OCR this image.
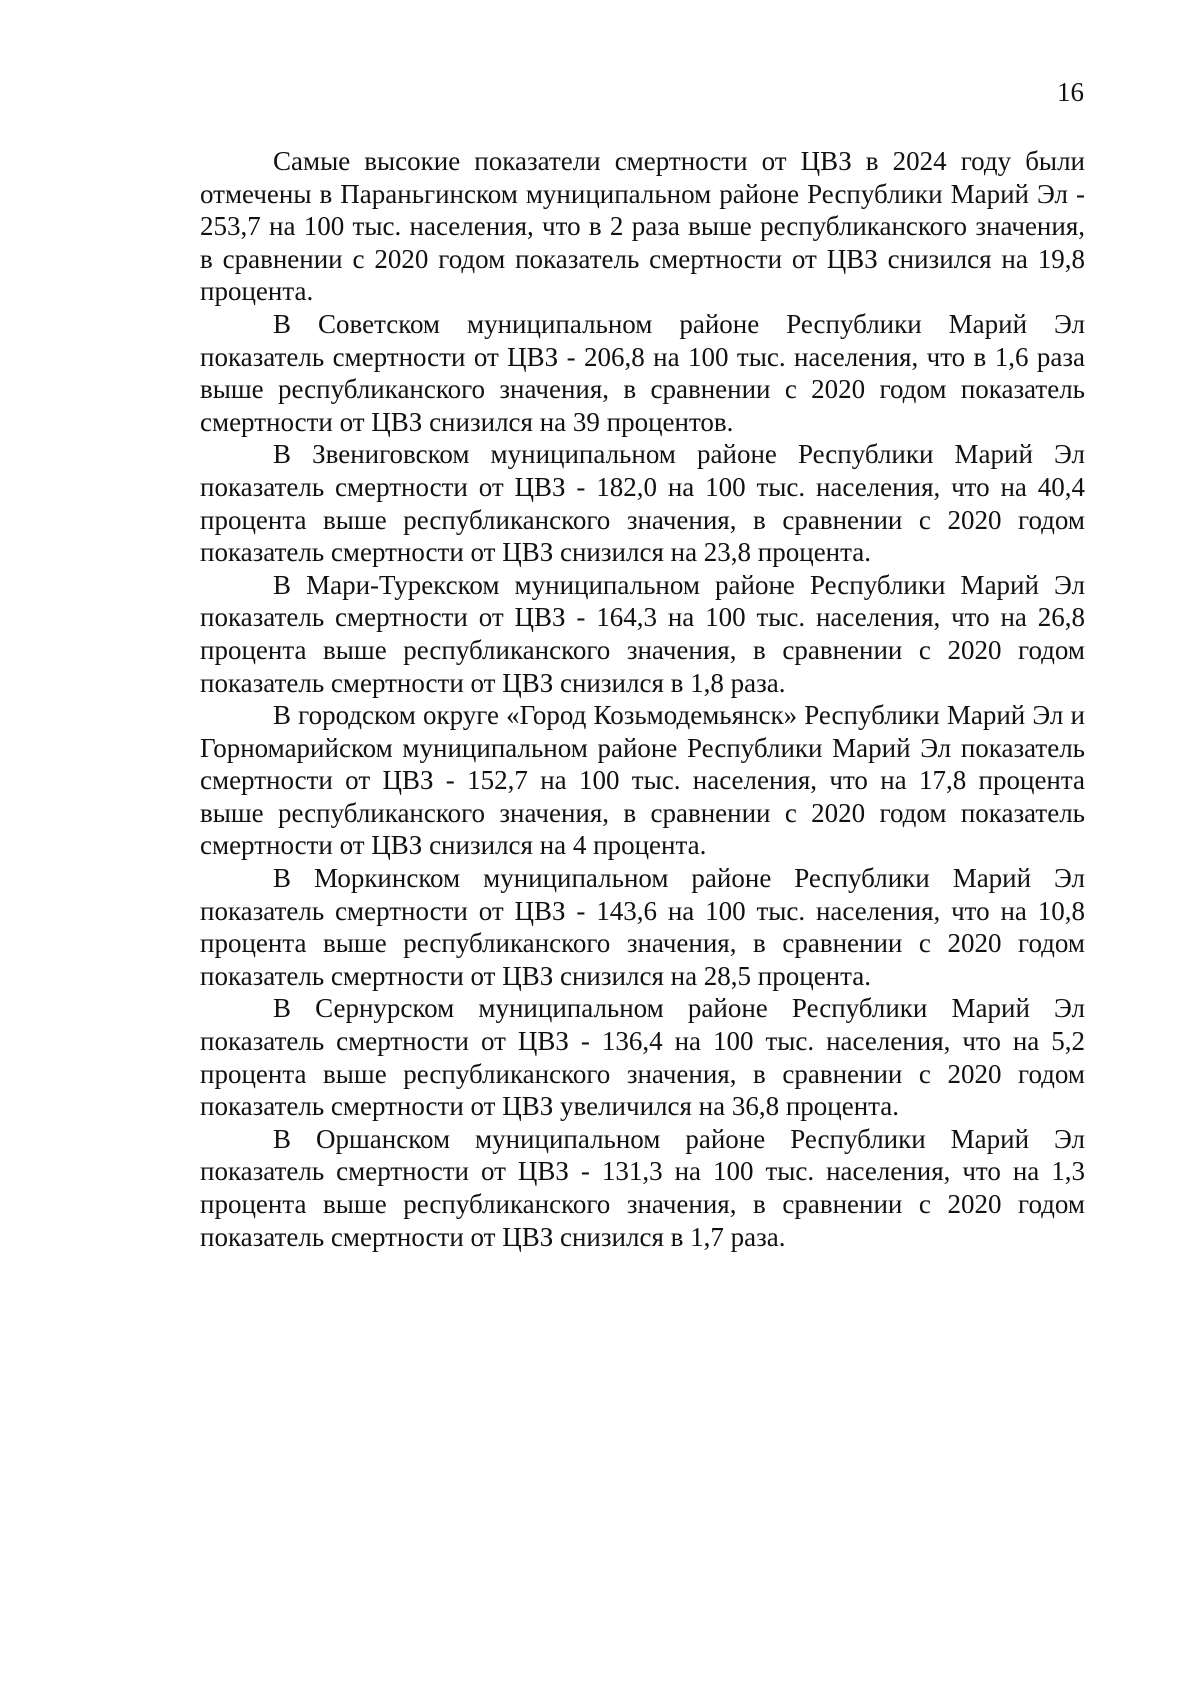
16

Самые высокие показатели смертности от ЦВЗ в 2024 году были отмечены в Параньгинском муниципальном районе Республики Марий Эл - 253,7 на 100 тыс. населения, что в 2 раза выше республиканского значения, в сравнении с 2020 годом показатель смертности от ЦВЗ снизился на 19,8 процента.

В Советском муниципальном районе Республики Марий Эл показатель смертности от ЦВЗ - 206,8 на 100 тыс. населения, что в 1,6 раза выше республиканского значения, в сравнении с 2020 годом показатель смертности от ЦВЗ снизился на 39 процентов.

В Звениговском муниципальном районе Республики Марий Эл показатель смертности от ЦВЗ - 182,0 на 100 тыс. населения, что на 40,4 процента выше республиканского значения, в сравнении с 2020 годом показатель смертности от ЦВЗ снизился на 23,8 процента.

В Мари-Турекском муниципальном районе Республики Марий Эл показатель смертности от ЦВЗ - 164,3 на 100 тыс. населения, что на 26,8 процента выше республиканского значения, в сравнении с 2020 годом показатель смертности от ЦВЗ снизился в 1,8 раза.

В городском округе «Город Козьмодемьянск» Республики Марий Эл и Горномарийском муниципальном районе Республики Марий Эл показатель смертности от ЦВЗ - 152,7 на 100 тыс. населения, что на 17,8 процента выше республиканского значения, в сравнении с 2020 годом показатель смертности от ЦВЗ снизился на 4 процента.

В Моркинском муниципальном районе Республики Марий Эл показатель смертности от ЦВЗ - 143,6 на 100 тыс. населения, что на 10,8 процента выше республиканского значения, в сравнении с 2020 годом показатель смертности от ЦВЗ снизился на 28,5 процента.

В Сернурском муниципальном районе Республики Марий Эл показатель смертности от ЦВЗ - 136,4 на 100 тыс. населения, что на 5,2 процента выше республиканского значения, в сравнении с 2020 годом показатель смертности от ЦВЗ увеличился на 36,8 процента.

В Оршанском муниципальном районе Республики Марий Эл показатель смертности от ЦВЗ - 131,3 на 100 тыс. населения, что на 1,3 процента выше республиканского значения, в сравнении с 2020 годом показатель смертности от ЦВЗ снизился в 1,7 раза.
